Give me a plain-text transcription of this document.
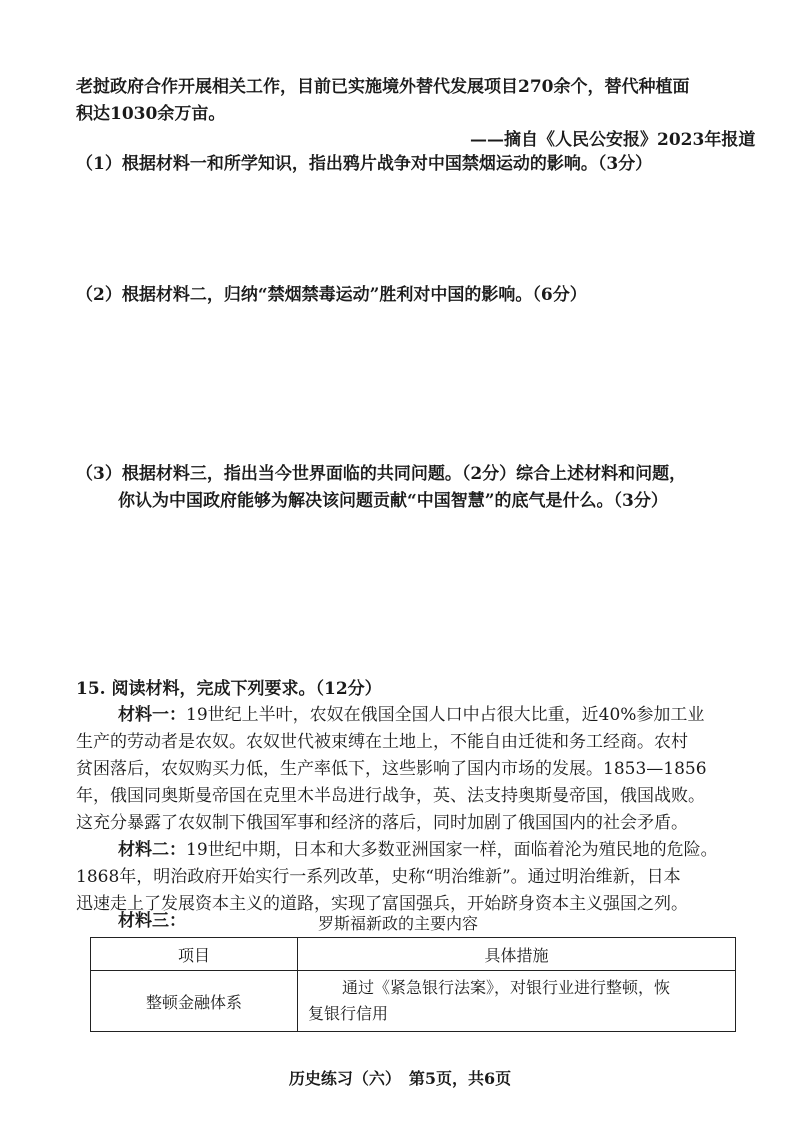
老挝政府合作开展相关工作，目前已实施境外替代发展项目270余个，替代种植面
积达1030余万亩。
——摘自《人民公安报》2023年报道
（1）根据材料一和所学知识，指出鸦片战争对中国禁烟运动的影响。（3分）
（2）根据材料二，归纳“禁烟禁毒运动”胜利对中国的影响。（6分）
（3）根据材料三，指出当今世界面临的共同问题。（2分）综合上述材料和问题，
你认为中国政府能够为解决该问题贡献“中国智慧”的底气是什么。（3分）
15. 阅读材料，完成下列要求。（12分）
材料一：19世纪上半叶，农奴在俄国全国人口中占很大比重，近40%参加工业
生产的劳动者是农奴。农奴世代被束缚在土地上，不能自由迁徙和务工经商。农村
贫困落后，农奴购买力低，生产率低下，这些影响了国内市场的发展。1853—1856
年，俄国同奥斯曼帝国在克里木半岛进行战争，英、法支持奥斯曼帝国，俄国战败。
这充分暴露了农奴制下俄国军事和经济的落后，同时加剧了俄国国内的社会矛盾。
材料二：19世纪中期，日本和大多数亚洲国家一样，面临着沦为殖民地的危险。
1868年，明治政府开始实行一系列改革，史称“明治维新”。通过明治维新，日本
迅速走上了发展资本主义的道路，实现了富国强兵，开始跻身资本主义强国之列。
材料三：	罗斯福新政的主要内容
项目	具体措施
整顿金融体系	通过《紧急银行法案》，对银行业进行整顿，恢
复银行信用
历史练习（六）　第5页，共6页
